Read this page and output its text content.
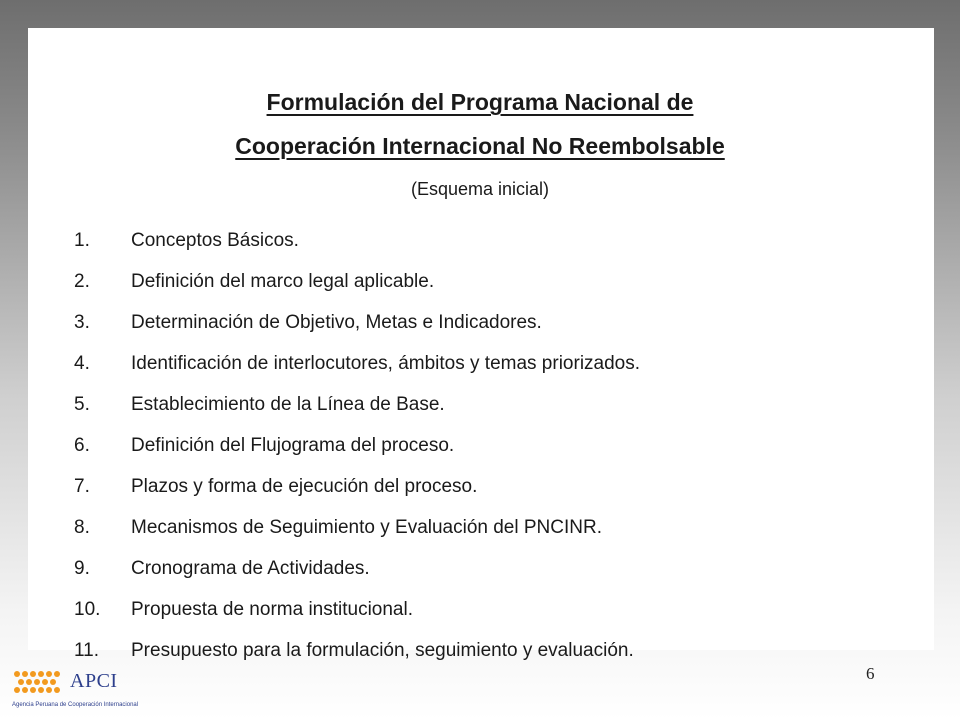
Formulación del Programa Nacional de

Cooperación Internacional No Reembolsable

(Esquema inicial)
1.	Conceptos Básicos.
2.	Definición del marco legal aplicable.
3.	Determinación de Objetivo, Metas e Indicadores.
4.	Identificación de interlocutores, ámbitos y temas priorizados.
5.	Establecimiento de la Línea de Base.
6.	Definición del Flujograma del proceso.
7.	Plazos y forma de ejecución del proceso.
8.	Mecanismos de Seguimiento y Evaluación del PNCINR.
9.	Cronograma de Actividades.
10.	Propuesta de norma institucional.
11.	Presupuesto para la formulación, seguimiento y evaluación.
APCI
Agencia Peruana de Cooperación Internacional
6
